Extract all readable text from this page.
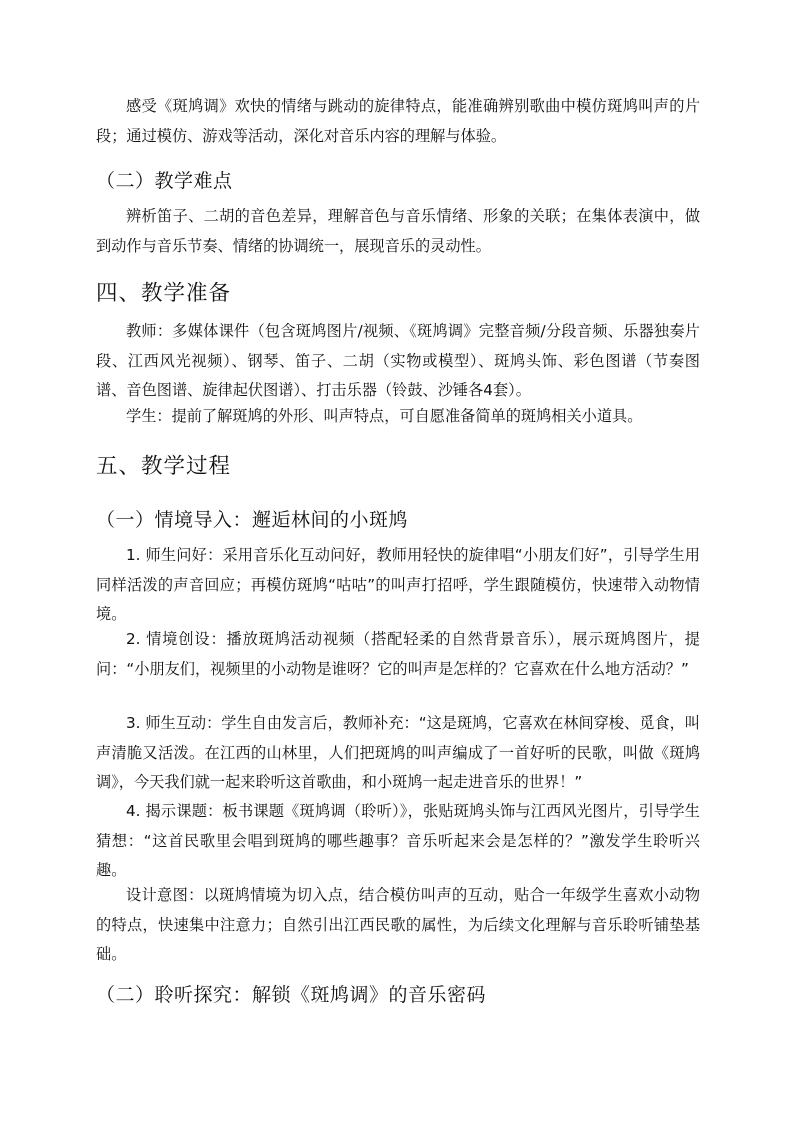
感受《斑鸠调》欢快的情绪与跳动的旋律特点，能准确辨别歌曲中模仿斑鸠叫声的片段；通过模仿、游戏等活动，深化对音乐内容的理解与体验。

（二）教学难点

辨析笛子、二胡的音色差异，理解音色与音乐情绪、形象的关联；在集体表演中，做到动作与音乐节奏、情绪的协调统一，展现音乐的灵动性。

四、教学准备

教师：多媒体课件（包含斑鸠图片/视频、《斑鸠调》完整音频/分段音频、乐器独奏片段、江西风光视频）、钢琴、笛子、二胡（实物或模型）、斑鸠头饰、彩色图谱（节奏图谱、音色图谱、旋律起伏图谱）、打击乐器（铃鼓、沙锤各4套）。

学生：提前了解斑鸠的外形、叫声特点，可自愿准备简单的斑鸠相关小道具。

五、教学过程
（一）情境导入：邂逅林间的小斑鸠

1. 师生问好：采用音乐化互动问好，教师用轻快的旋律唱“小朋友们好”，引导学生用同样活泼的声音回应；再模仿斑鸠“咕咕”的叫声打招呼，学生跟随模仿，快速带入动物情境。

2. 情境创设：播放斑鸠活动视频（搭配轻柔的自然背景音乐），展示斑鸠图片，提问：“小朋友们，视频里的小动物是谁呀？它的叫声是怎样的？它喜欢在什么地方活动？”

3. 师生互动：学生自由发言后，教师补充：“这是斑鸠，它喜欢在林间穿梭、觅食，叫声清脆又活泼。在江西的山林里，人们把斑鸠的叫声编成了一首好听的民歌，叫做《斑鸠调》，今天我们就一起来聆听这首歌曲，和小斑鸠一起走进音乐的世界！”

4. 揭示课题：板书课题《斑鸠调（聆听）》，张贴斑鸠头饰与江西风光图片，引导学生猜想：“这首民歌里会唱到斑鸠的哪些趣事？音乐听起来会是怎样的？”激发学生聆听兴趣。

设计意图：以斑鸠情境为切入点，结合模仿叫声的互动，贴合一年级学生喜欢小动物的特点，快速集中注意力；自然引出江西民歌的属性，为后续文化理解与音乐聆听铺垫基础。

（二）聆听探究：解锁《斑鸠调》的音乐密码
